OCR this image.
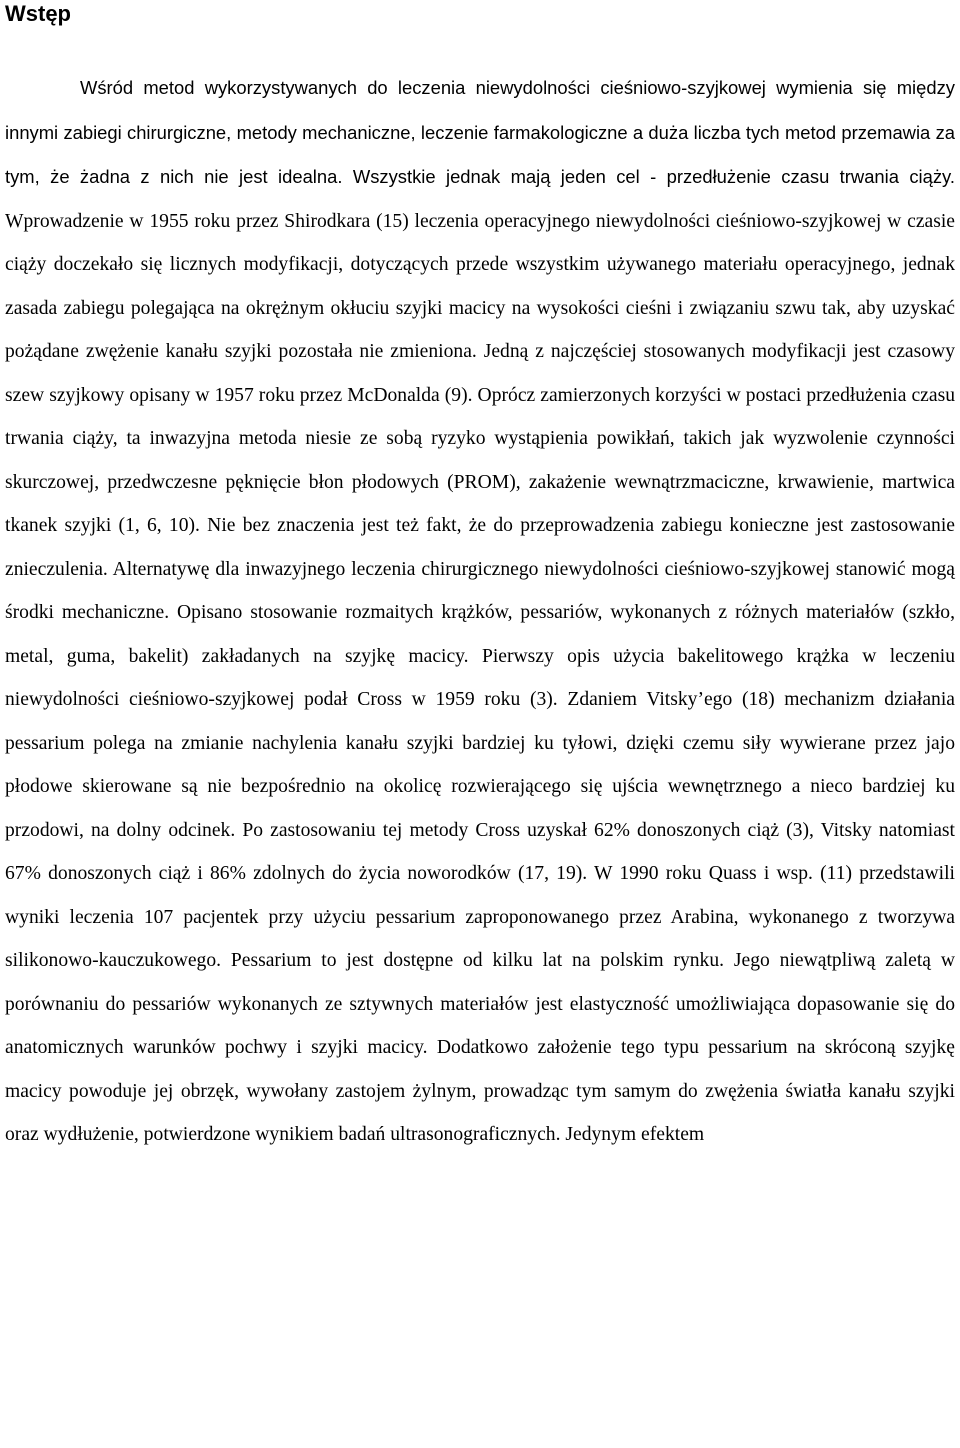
Wstęp

Wśród metod wykorzystywanych do leczenia niewydolności cieśniowo-szyjkowej wymienia się między innymi zabiegi chirurgiczne, metody mechaniczne, leczenie farmakologiczne a duża liczba tych metod przemawia za tym, że żadna z nich nie jest idealna. Wszystkie jednak mają jeden cel - przedłużenie czasu trwania ciąży. Wprowadzenie w 1955 roku przez Shirodkara (15) leczenia operacyjnego niewydolności cieśniowo-szyjkowej w czasie ciąży doczekało się licznych modyfikacji, dotyczących przede wszystkim używanego materiału operacyjnego, jednak zasada zabiegu polegająca na okrężnym okłuciu szyjki macicy na wysokości cieśni i związaniu szwu tak, aby uzyskać pożądane zwężenie kanału szyjki pozostała nie zmieniona. Jedną z najczęściej stosowanych modyfikacji jest czasowy szew szyjkowy opisany w 1957 roku przez McDonalda (9). Oprócz zamierzonych korzyści w postaci przedłużenia czasu trwania ciąży, ta inwazyjna metoda niesie ze sobą ryzyko wystąpienia powikłań, takich jak wyzwolenie czynności skurczowej, przedwczesne pęknięcie błon płodowych (PROM), zakażenie wewnątrzmaciczne, krwawienie, martwica tkanek szyjki (1, 6, 10). Nie bez znaczenia jest też fakt, że do przeprowadzenia zabiegu konieczne jest zastosowanie znieczulenia. Alternatywę dla inwazyjnego leczenia chirurgicznego niewydolności cieśniowo-szyjkowej stanowić mogą środki mechaniczne. Opisano stosowanie rozmaitych krążków, pessariów, wykonanych z różnych materiałów (szkło, metal, guma, bakelit) zakładanych na szyjkę macicy. Pierwszy opis użycia bakelitowego krążka w leczeniu niewydolności cieśniowo-szyjkowej podał Cross w 1959 roku (3). Zdaniem Vitsky’ego (18) mechanizm działania pessarium polega na zmianie nachylenia kanału szyjki bardziej ku tyłowi, dzięki czemu siły wywierane przez jajo płodowe skierowane są nie bezpośrednio na okolicę rozwierającego się ujścia wewnętrznego a nieco bardziej ku przodowi, na dolny odcinek. Po zastosowaniu tej metody Cross uzyskał 62% donoszonych ciąż (3), Vitsky natomiast 67% donoszonych ciąż i 86% zdolnych do życia noworodków (17, 19). W 1990 roku Quass i wsp. (11) przedstawili wyniki leczenia 107 pacjentek przy użyciu pessarium zaproponowanego przez Arabina, wykonanego z tworzywa silikonowo-kauczukowego. Pessarium to jest dostępne od kilku lat na polskim rynku. Jego niewątpliwą zaletą w porównaniu do pessariów wykonanych ze sztywnych materiałów jest elastyczność umożliwiająca dopasowanie się do anatomicznych warunków pochwy i szyjki macicy. Dodatkowo założenie tego typu pessarium na skróconą szyjkę macicy powoduje jej obrzęk, wywołany zastojem żylnym, prowadząc tym samym do zwężenia światła kanału szyjki oraz wydłużenie, potwierdzone wynikiem badań ultrasonograficznych. Jedynym efektem
